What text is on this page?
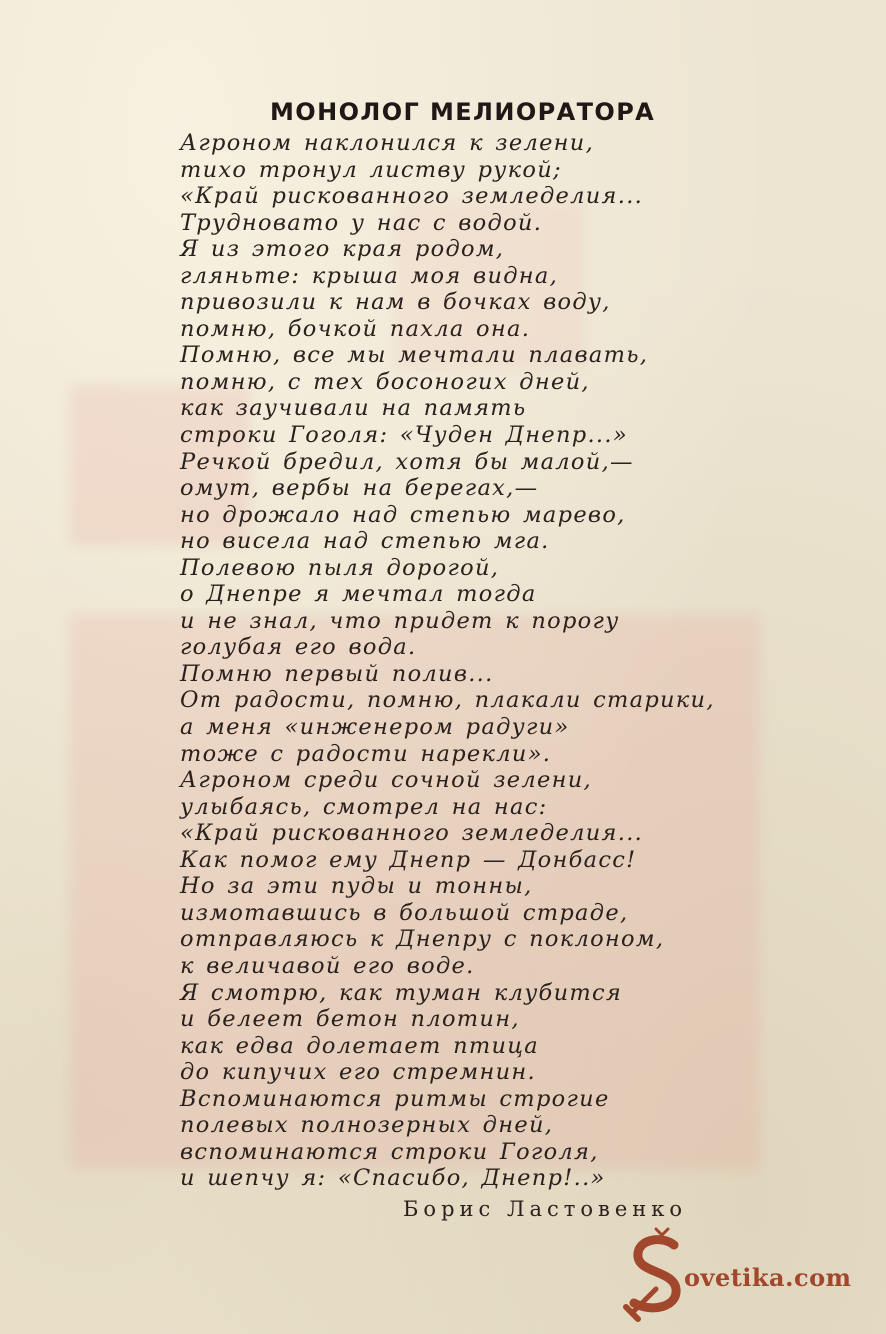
МОНОЛОГ МЕЛИОРАТОРА
Агроном наклонился к зелени,
тихо тронул листву рукой;
«Край рискованного земледелия...
Трудновато у нас с водой.
Я из этого края родом,
гляньте: крыша моя видна,
привозили к нам в бочках воду,
помню, бочкой пахла она.
Помню, все мы мечтали плавать,
помню, с тех босоногих дней,
как заучивали на память
строки Гоголя: «Чуден Днепр...»
Речкой бредил, хотя бы малой,—
омут, вербы на берегах,—
но дрожало над степью марево,
но висела над степью мга.
Полевою пыля дорогой,
о Днепре я мечтал тогда
и не знал, что придет к порогу
голубая его вода.
Помню первый полив...
От радости, помню, плакали старики,
а меня «инженером радуги»
тоже с радости нарекли».
Агроном среди сочной зелени,
улыбаясь, смотрел на нас:
«Край рискованного земледелия...
Как помог ему Днепр — Донбасс!
Но за эти пуды и тонны,
измотавшись в большой страде,
отправляюсь к Днепру с поклоном,
к величавой его воде.
Я смотрю, как туман клубится
и белеет бетон плотин,
как едва долетает птица
до кипучих его стремнин.
Вспоминаются ритмы строгие
полевых полнозерных дней,
вспоминаются строки Гоголя,
и шепчу я: «Спасибо, Днепр!..»

Борис Ластовенко

ovetika.com
